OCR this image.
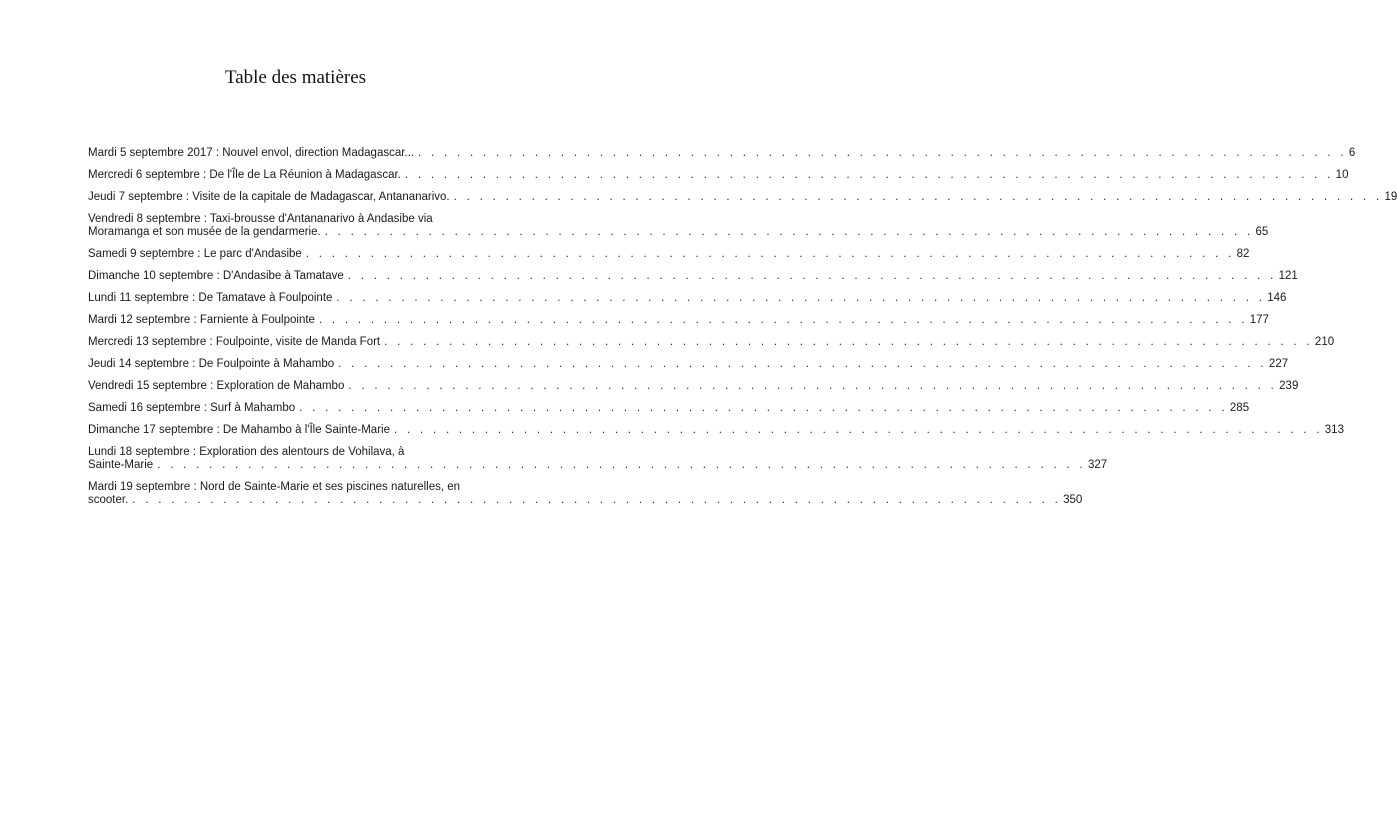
Table des matières
Mardi 5 septembre 2017 : Nouvel envol, direction Madagascar... . . . . . . . . . . . . . . . . . . . . . . . . . . . . . . . . . . . . . . . . . . . . . . . . . . . . . . . . . . . . . . . . . . . . . . . . 6
Mercredi 6 septembre : De l'Île de La Réunion à Madagascar. . . . . . . . . . . . . . . . . . . . . . . . . . . . . . . . . . . . . . . . . . . . . . . . . . . . . . . . . . . . . . . . . . . . . . . . . 10
Jeudi 7 septembre : Visite de la capitale de Madagascar, Antananarivo. . . . . . . . . . . . . . . . . . . . . . . . . . . . . . . . . . . . . . . . . . . . . . . . . . . . . . . . . . . . . . . . . . . . . . . . . 19
Vendredi 8 septembre : Taxi-brousse d'Antananarivo à Andasibe via
Moramanga et son musée de la gendarmerie. . . . . . . . . . . . . . . . . . . . . . . . . . . . . . . . . . . . . . . . . . . . . . . . . . . . . . . . . . . . . . . . . . . . . . . . . 65
Samedi 9 septembre : Le parc d'Andasibe . . . . . . . . . . . . . . . . . . . . . . . . . . . . . . . . . . . . . . . . . . . . . . . . . . . . . . . . . . . . . . . . . . . . . . . . 82
Dimanche 10 septembre : D'Andasibe à Tamatave . . . . . . . . . . . . . . . . . . . . . . . . . . . . . . . . . . . . . . . . . . . . . . . . . . . . . . . . . . . . . . . . . . . . . . . . 121
Lundi 11 septembre : De Tamatave à Foulpointe . . . . . . . . . . . . . . . . . . . . . . . . . . . . . . . . . . . . . . . . . . . . . . . . . . . . . . . . . . . . . . . . . . . . . . . . 146
Mardi 12 septembre : Farniente à Foulpointe . . . . . . . . . . . . . . . . . . . . . . . . . . . . . . . . . . . . . . . . . . . . . . . . . . . . . . . . . . . . . . . . . . . . . . . . 177
Mercredi 13 septembre : Foulpointe, visite de Manda Fort . . . . . . . . . . . . . . . . . . . . . . . . . . . . . . . . . . . . . . . . . . . . . . . . . . . . . . . . . . . . . . . . . . . . . . . . 210
Jeudi 14 septembre : De Foulpointe à Mahambo . . . . . . . . . . . . . . . . . . . . . . . . . . . . . . . . . . . . . . . . . . . . . . . . . . . . . . . . . . . . . . . . . . . . . . . . 227
Vendredi 15 septembre : Exploration de Mahambo . . . . . . . . . . . . . . . . . . . . . . . . . . . . . . . . . . . . . . . . . . . . . . . . . . . . . . . . . . . . . . . . . . . . . . . . 239
Samedi 16 septembre : Surf à Mahambo . . . . . . . . . . . . . . . . . . . . . . . . . . . . . . . . . . . . . . . . . . . . . . . . . . . . . . . . . . . . . . . . . . . . . . . . 285
Dimanche 17 septembre : De Mahambo à l'Île Sainte-Marie . . . . . . . . . . . . . . . . . . . . . . . . . . . . . . . . . . . . . . . . . . . . . . . . . . . . . . . . . . . . . . . . . . . . . . . . 313
Lundi 18 septembre : Exploration des alentours de Vohilava, à
Sainte-Marie . . . . . . . . . . . . . . . . . . . . . . . . . . . . . . . . . . . . . . . . . . . . . . . . . . . . . . . . . . . . . . . . . . . . . . . . 327
Mardi 19 septembre : Nord de Sainte-Marie et ses piscines naturelles, en
scooter. . . . . . . . . . . . . . . . . . . . . . . . . . . . . . . . . . . . . . . . . . . . . . . . . . . . . . . . . . . . . . . . . . . . . . . . . 350
